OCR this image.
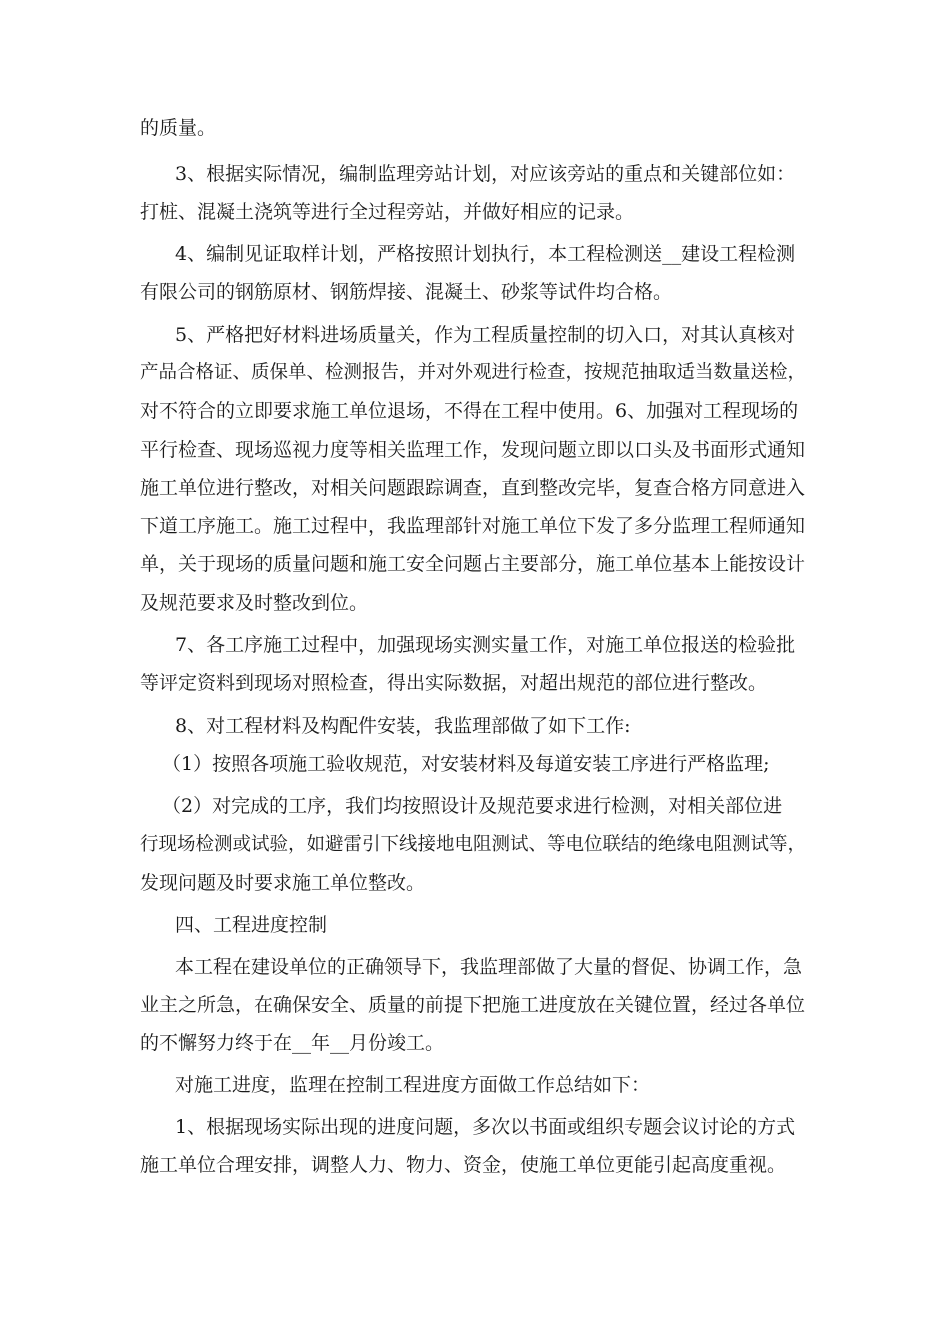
的质量。
3、根据实际情况，编制监理旁站计划，对应该旁站的重点和关键部位如：
打桩、混凝土浇筑等进行全过程旁站，并做好相应的记录。
4、编制见证取样计划，严格按照计划执行，本工程检测送__建设工程检测
有限公司的钢筋原材、钢筋焊接、混凝土、砂浆等试件均合格。
5、严格把好材料进场质量关，作为工程质量控制的切入口，对其认真核对
产品合格证、质保单、检测报告，并对外观进行检查，按规范抽取适当数量送检，
对不符合的立即要求施工单位退场，不得在工程中使用。6、加强对工程现场的
平行检查、现场巡视力度等相关监理工作，发现问题立即以口头及书面形式通知
施工单位进行整改，对相关问题跟踪调查，直到整改完毕，复查合格方同意进入
下道工序施工。施工过程中，我监理部针对施工单位下发了多分监理工程师通知
单，关于现场的质量问题和施工安全问题占主要部分，施工单位基本上能按设计
及规范要求及时整改到位。
7、各工序施工过程中，加强现场实测实量工作，对施工单位报送的检验批
等评定资料到现场对照检查，得出实际数据，对超出规范的部位进行整改。
8、对工程材料及构配件安装，我监理部做了如下工作:
（1）按照各项施工验收规范，对安装材料及每道安装工序进行严格监理;
（2）对完成的工序，我们均按照设计及规范要求进行检测，对相关部位进
行现场检测或试验，如避雷引下线接地电阻测试、等电位联结的绝缘电阻测试等，
发现问题及时要求施工单位整改。
四、工程进度控制
本工程在建设单位的正确领导下，我监理部做了大量的督促、协调工作，急
业主之所急，在确保安全、质量的前提下把施工进度放在关键位置，经过各单位
的不懈努力终于在__年__月份竣工。
对施工进度，监理在控制工程进度方面做工作总结如下：
1、根据现场实际出现的进度问题，多次以书面或组织专题会议讨论的方式
施工单位合理安排，调整人力、物力、资金，使施工单位更能引起高度重视。
